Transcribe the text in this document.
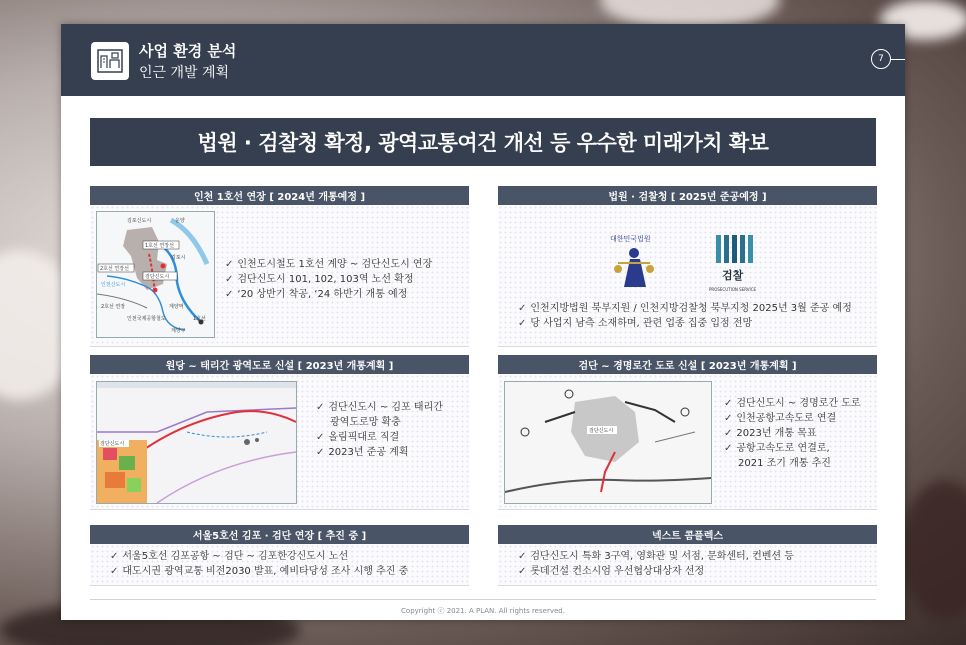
사업 환경 분석
인근 개발 계획
7
법원 · 검찰청 확정, 광역교통여건 개선 등 우수한 미래가치 확보
인천 1호선 연장 [ 2024년 개통예정 ]
김포신도시	운양
1호선 연장선
김포시
2호선 연장선
검단신도시
인천신도시
2호선 연장
인천국제공항철도
계양역
1호선
계양구
✓ 인천도시철도 1호선 계양 ~ 검단신도시 연장
✓ 검단신도시 101, 102, 103역 노선 확정
✓ ‘20 상반기 착공, ‘24 하반기 개통 예정
법원 · 검찰청 [ 2025년 준공예정 ]
대한민국법원
검찰
PROSECUTION SERVICE
✓ 인천지방법원 북부지원 / 인천지방검찰청 북부지청 2025년 3월 준공 예정
✓ 당 사업지 남측 소재하며, 관련 업종 집중 입점 전망
원당 ~ 태리간 광역도로 신설 [ 2023년 개통계획 ]
검단신도시
✓ 검단신도시 ~ 김포 태리간
광역도로망 확충
✓ 올림픽대로 직결
✓ 2023년 준공 계획
검단 ~ 경명로간 도로 신설 [ 2023년 개통계획 ]
검단신도시
✓ 검단신도시 ~ 경명로간 도로
✓ 인천공항고속도로 연결
✓ 2023년 개통 목표
✓ 공항고속도로 연결로,
2021 조기 개통 추진
서울5호선 김포 · 검단 연장 [ 추진 중 ]
✓ 서울5호선 김포공항 ~ 검단 ~ 김포한강신도시 노선
✓ 대도시권 광역교통 비전2030 발표, 예비타당성 조사 시행 추진 중
넥스트 콤플렉스
✓ 검단신도시 특화 3구역, 영화관 및 서점, 문화센터, 컨벤션 등
✓ 롯데건설 컨소시엄 우선협상대상자 선정
Copyright ⓒ 2021. A PLAN. All rights reserved.
